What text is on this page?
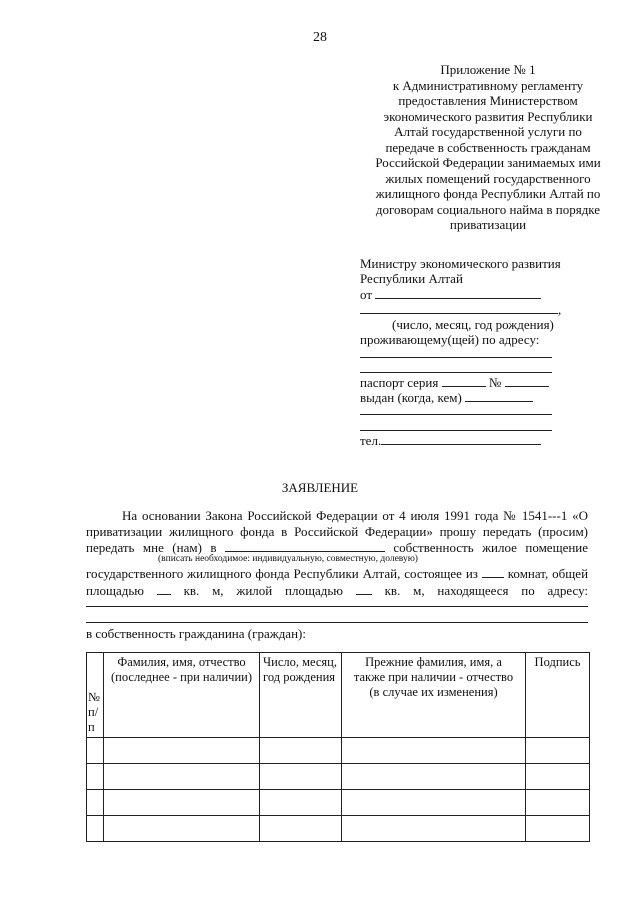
28
Приложение № 1
к Административному регламенту
предоставления Министерством
экономического развития Республики
Алтай государственной услуги по
передаче в собственность гражданам
Российской Федерации занимаемых ими
жилых помещений государственного
жилищного фонда Республики Алтай по
договорам социального найма в порядке
приватизации
Министру экономического развития
Республики Алтай
от
,
(число, месяц, год рождения)
проживающему(щей) по адресу:
паспорт серия	№
выдан (когда, кем)
тел.
ЗАЯВЛЕНИЕ
На основании Закона Российской Федерации от 4 июля 1991 года № 1541---1 «О
приватизации жилищного фонда в Российской Федерации» прошу передать (просим)
передать мне (нам) в	собственность жилое помещение
(вписать необходимое: индивидуальную, совместную, долевую)
государственного жилищного фонда Республики Алтай, состоящее из комнат, общей
площадью	кв. м, жилой площадью	кв. м, находящееся по адресу:
в собственность гражданина (граждан):
№ п/ п	Фамилия, имя, отчество (последнее - при наличии)	Число, месяц, год рождения	Прежние фамилия, имя, а также при наличии - отчество (в случае их изменения)	Подпись
